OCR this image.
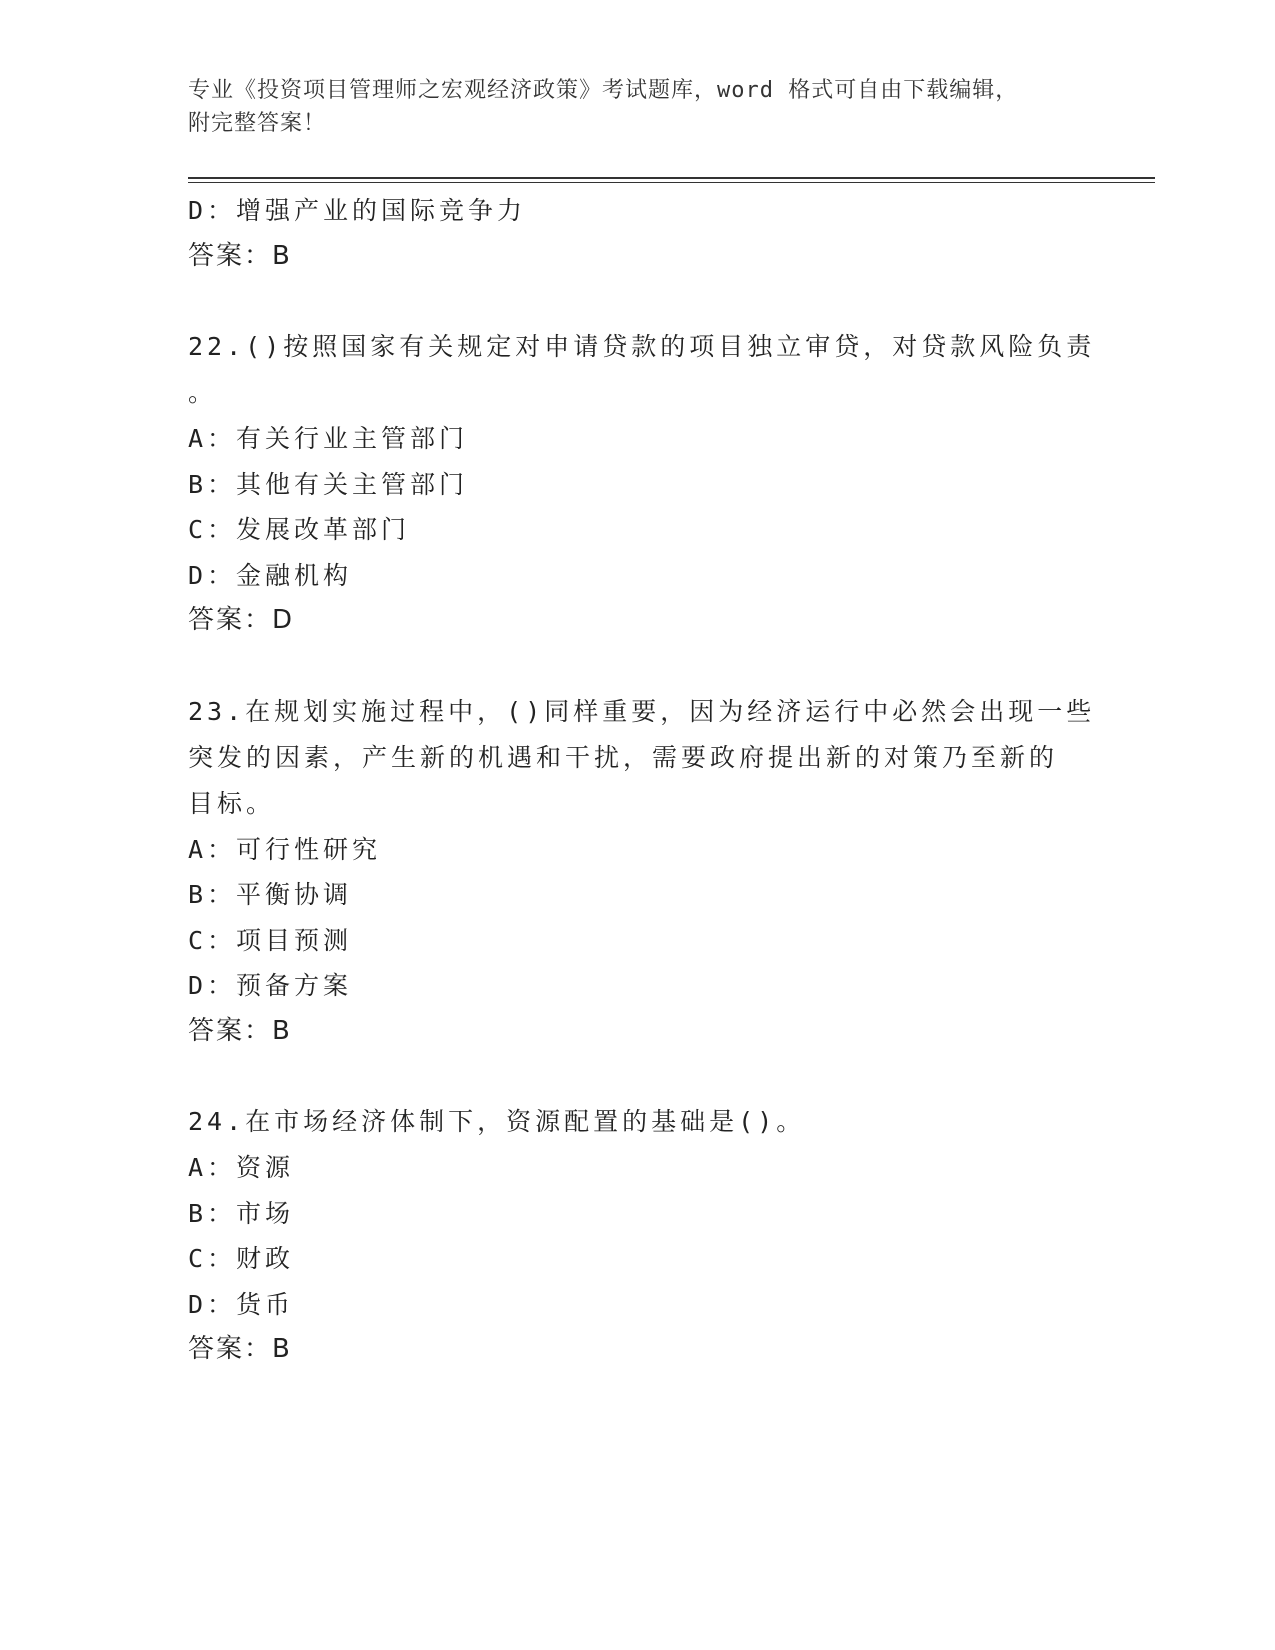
专业《投资项目管理师之宏观经济政策》考试题库，word 格式可自由下载编辑，
附完整答案！
D：增强产业的国际竞争力
答案：B
22.()按照国家有关规定对申请贷款的项目独立审贷，对贷款风险负责
。
A：有关行业主管部门
B：其他有关主管部门
C：发展改革部门
D：金融机构
答案：D
23.在规划实施过程中，()同样重要，因为经济运行中必然会出现一些
突发的因素，产生新的机遇和干扰，需要政府提出新的对策乃至新的
目标。
A：可行性研究
B：平衡协调
C：项目预测
D：预备方案
答案：B
24.在市场经济体制下，资源配置的基础是()。
A：资源
B：市场
C：财政
D：货币
答案：B
